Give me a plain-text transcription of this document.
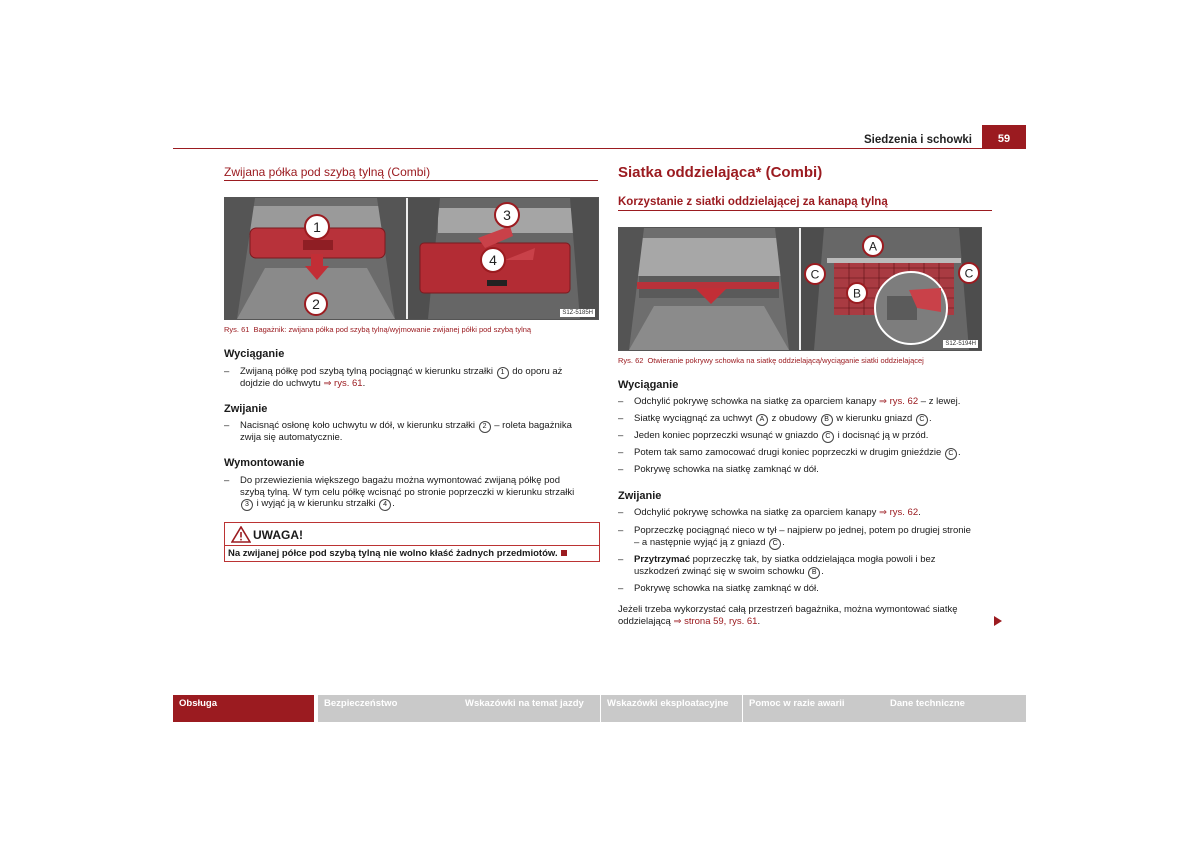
Siedzenia i schowki	59
Zwijana półka pod szybą tylną (Combi)
1
2
3
4
S1Z-5185H
Rys. 61 Bagażnik: zwijana półka pod szybą tylną/wyjmowanie zwijanej półki pod szybą tylną
Wyciąganie
– Zwijaną półkę pod szybą tylną pociągnąć w kierunku strzałki 1 do oporu aż
dojdzie do uchwytu ⇒ rys. 61.
Zwijanie
– Nacisnąć osłonę koło uchwytu w dół, w kierunku strzałki 2 – roleta bagażnika
zwija się automatycznie.
Wymontowanie
– Do przewiezienia większego bagażu można wymontować zwijaną półkę pod
szybą tylną. W tym celu półkę wcisnąć po stronie poprzeczki w kierunku strzałki
3 i wyjąć ją w kierunku strzałki 4 .
UWAGA!
Na zwijanej półce pod szybą tylną nie wolno kłaść żadnych przedmiotów.
Siatka oddzielająca* (Combi)
Korzystanie z siatki oddzielającej za kanapą tylną
A
C
B
C
S1Z-5194H
Rys. 62 Otwieranie pokrywy schowka na siatkę oddzielającą/wyciąganie siatki oddzielającej
Wyciąganie
– Odchylić pokrywę schowka na siatkę za oparciem kanapy ⇒ rys. 62 – z lewej.
– Siatkę wyciągnąć za uchwyt A z obudowy B w kierunku gniazd C .
– Jeden koniec poprzeczki wsunąć w gniazdo C i docisnąć ją w przód.
– Potem tak samo zamocować drugi koniec poprzeczki w drugim gnieździe C .
– Pokrywę schowka na siatkę zamknąć w dół.
Zwijanie
– Odchylić pokrywę schowka na siatkę za oparciem kanapy ⇒ rys. 62.
– Poprzeczkę pociągnąć nieco w tył – najpierw po jednej, potem po drugiej stronie
– a następnie wyjąć ją z gniazd C .
– Przytrzymać poprzeczkę tak, by siatka oddzielająca mogła powoli i bez
uszkodzeń zwinąć się w swoim schowku B .
– Pokrywę schowka na siatkę zamknąć w dół.
Jeżeli trzeba wykorzystać całą przestrzeń bagażnika, można wymontować siatkę
oddzielającą ⇒ strona 59, rys. 61.
Obsługa	Bezpieczeństwo	Wskazówki na temat jazdy	Wskazówki eksploatacyjne	Pomoc w razie awarii	Dane techniczne
